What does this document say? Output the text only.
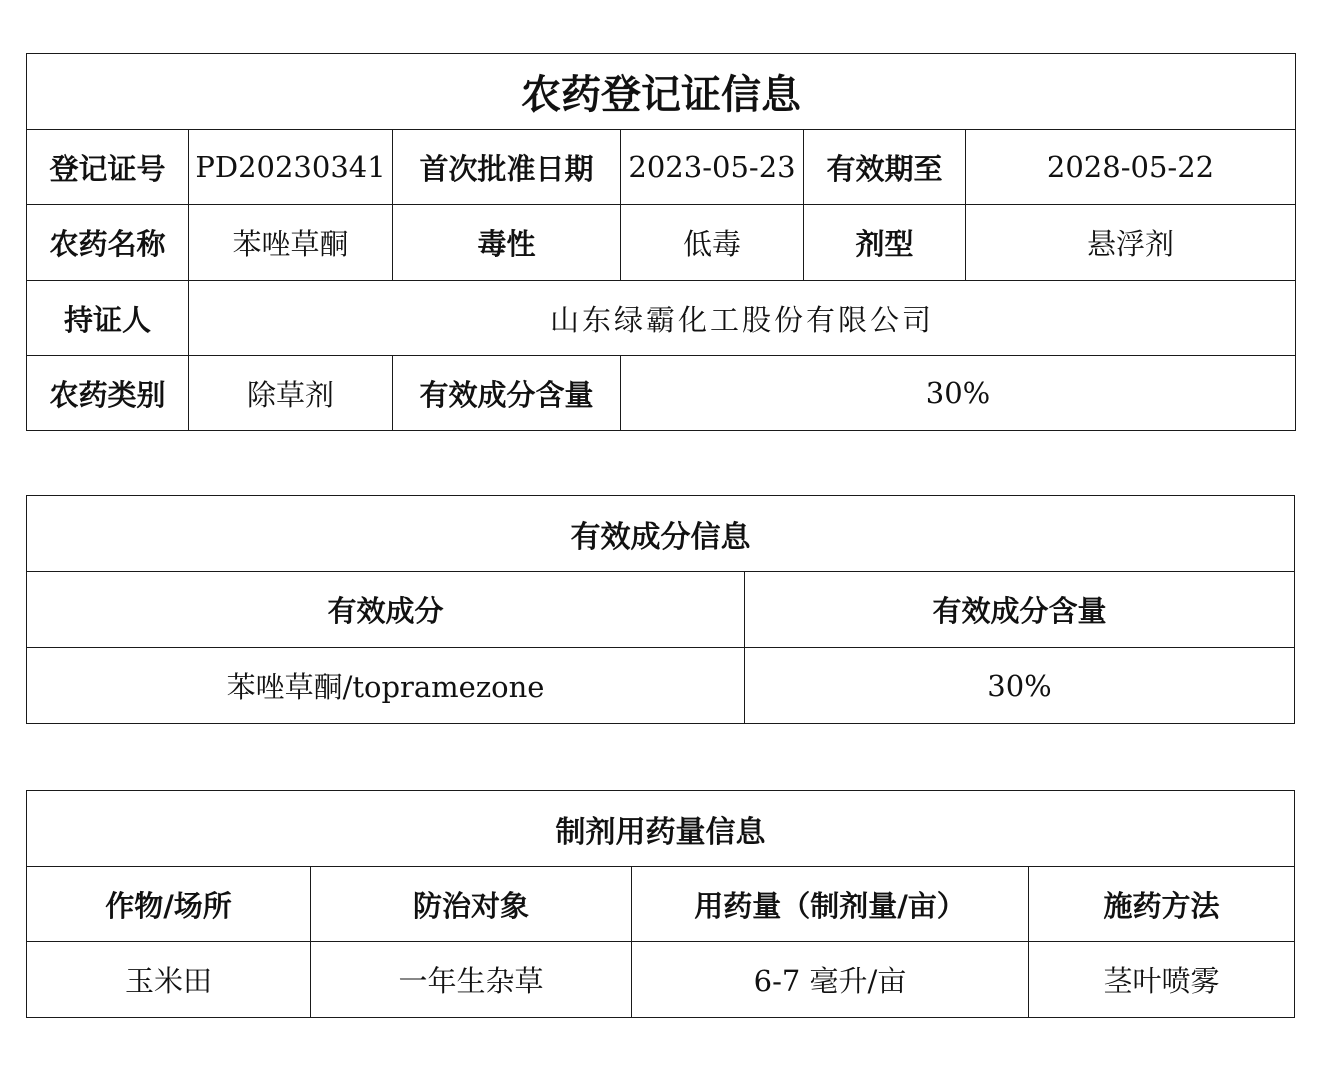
农药登记证信息					
登记证号	PD20230341	首次批准日期	2023-05-23	有效期至	2028-05-22
农药名称	苯唑草酮	毒性	低毒	剂型	悬浮剂
持证人	山东绿霸化工股份有限公司				
农药类别	除草剂	有效成分含量	30%		
有效成分信息	
有效成分	有效成分含量
苯唑草酮/topramezone	30%
制剂用药量信息			
作物/场所	防治对象	用药量（制剂量/亩）	施药方法
玉米田	一年生杂草	6-7 毫升/亩	茎叶喷雾
